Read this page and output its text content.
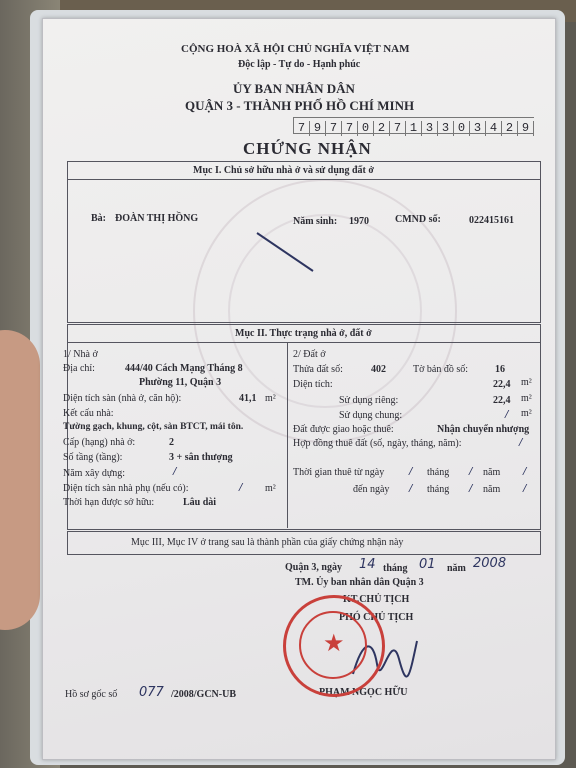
CỘNG HOÀ XÃ HỘI CHỦ NGHĨA VIỆT NAM
Độc lập - Tự do - Hạnh phúc
ỦY BAN NHÂN DÂN
QUẬN 3 - THÀNH PHỐ HỒ CHÍ MINH
7 9 7 7 0 2 7 1 3 3 0 3 4 2 9
CHỨNG NHẬN
Mục I. Chủ sở hữu nhà ở và sử dụng đất ở
Bà: ĐOÀN THỊ HỒNG	Năm sinh: 1970	CMND số:	022415161
Mục II. Thực trạng nhà ở, đất ở
1/ Nhà ở
Địa chỉ:	444/40 Cách Mạng Tháng 8
Phường 11, Quận 3
Diện tích sàn (nhà ở, căn hộ):	41,1 m²
Kết cấu nhà:
Tường gạch, khung, cột, sàn BTCT, mái tôn.
Cấp (hạng) nhà ở:	2
Số tầng (tầng):	3 + sân thượng
Năm xây dựng:	/
Diện tích sàn nhà phụ (nếu có):	/ m²
Thời hạn được sở hữu:	Lâu dài
2/ Đất ở
Thửa đất số:	402	Tờ bản đồ số:	16
Diện tích:	22,4 m²
Sử dụng riêng:	22,4 m²
Sử dụng chung:	/ m²
Đất được giao hoặc thuê:	Nhận chuyển nhượng
Hợp đồng thuê đất (số, ngày, tháng, năm):	/
Thời gian thuê từ ngày / tháng / năm /
đến ngày / tháng / năm /
Mục III, Mục IV ở trang sau là thành phần của giấy chứng nhận này
Quận 3, ngày 14 tháng 01 năm 2008
TM. Ủy ban nhân dân Quận 3
KT.CHỦ TỊCH
PHÓ CHỦ TỊCH
PHẠM NGỌC HỮU
★
Hồ sơ gốc số 077 /2008/GCN-UB
